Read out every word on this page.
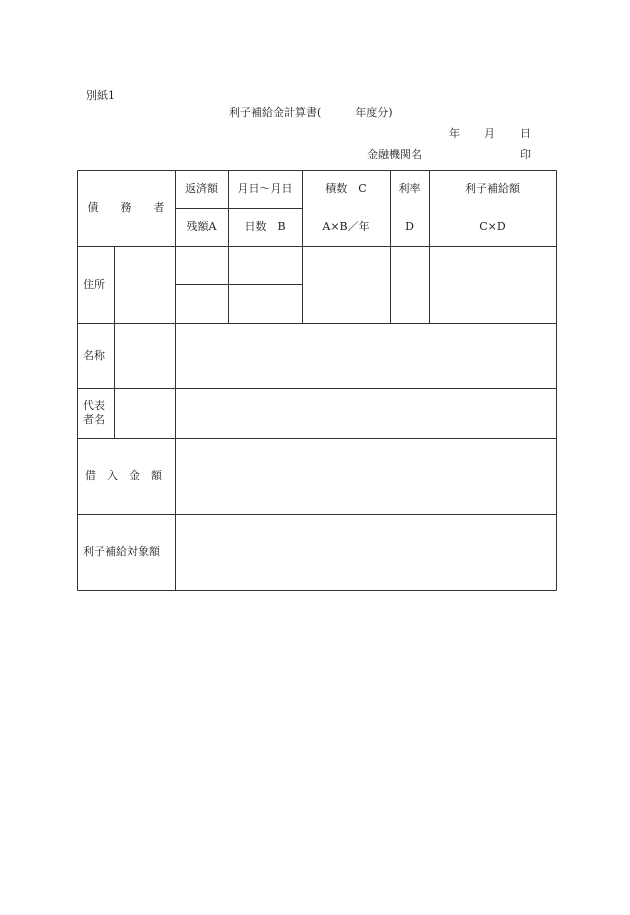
別紙1
利子補給金計算書(	年度分)
年 月 日
金融機関名	印
債　　務　　者
返済額	月日～月日	積数　C	利率	利子補給額
残額A	日数　B	A×B／年	D	C×D
住所
名称
代表
者名
借　入　金　額
利子補給対象額
